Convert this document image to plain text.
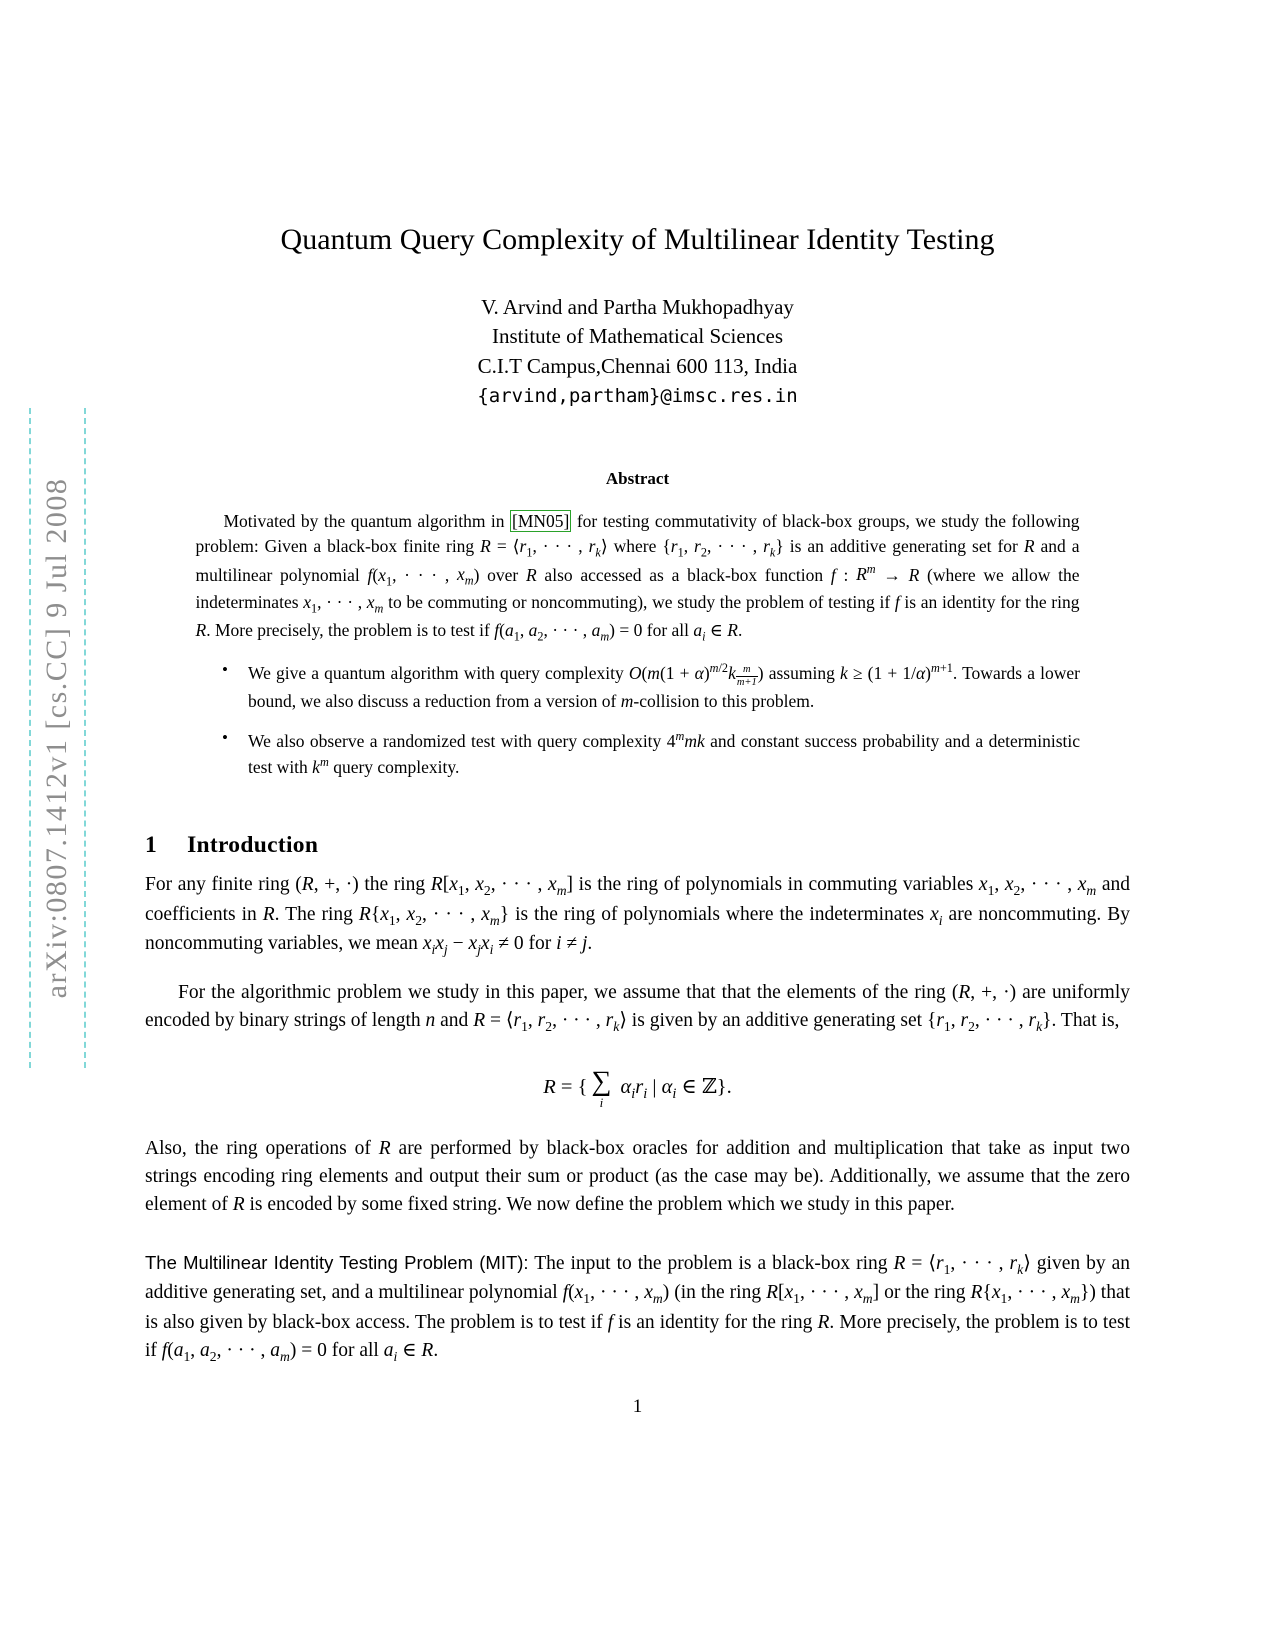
arXiv:0807.1412v1 [cs.CC] 9 Jul 2008
Quantum Query Complexity of Multilinear Identity Testing
V. Arvind and Partha Mukhopadhyay
Institute of Mathematical Sciences
C.I.T Campus,Chennai 600 113, India
{arvind,partham}@imsc.res.in
Abstract
Motivated by the quantum algorithm in [MN05] for testing commutativity of black-box groups, we study the following problem: Given a black-box finite ring $R = ⟨r_1$, · · · , $r_k⟩$ where {$r_1$, $r_2$, · · · , $r_k$} is an additive generating set for R and a multilinear polynomial $f(x_1$, · · · , $x_m$) over R also accessed as a black-box function f : $R^m \to R$ (where we allow the indeterminates $x_1$, · · · , $x_m$ to be commuting or noncommuting), we study the problem of testing if f is an identity for the ring R. More precisely, the problem is to test if $f(a_1$, $a_2$, · · · , $a_m) = 0$ for all $a_i$ ∈ R.
•
We give a quantum algorithm with query complexity $O(m(1 + \alpha)^{m/2}k \frac{m}{m+1}$ ) assuming $k \ge (1 + 1/\alpha)^{m+1}$. Towards a lower bound, we also discuss a reduction from a version of m-collision to this problem.
•
We also observe a randomized test with query complexity 4$^m$mk and constant success probability and a deterministic test with $k^m$ query complexity.
1 Introduction

For any finite ring (R, +, ·) the ring $R[x_1$, $x_2$, · · · , $x_m$] is the ring of polynomials in commuting variables $x_1$, $x_2$, · · · , $x_m$ and coefficients in R. The ring $R\{x_1$, $x_2$, · · · , $x_m$} is the ring of polynomials where the indeterminates $x_i$ are noncommuting. By noncommuting variables, we mean $x_ix_j - x_jx_i \ne 0$ for i ≠ j.

For the algorithmic problem we study in this paper, we assume that that the elements of the ring (R, +, ·) are uniformly encoded by binary strings of length n and $R = ⟨r_1$, $r_2$, · · · , $r_k⟩$ is given by an additive generating set {$r_1$, $r_2$, · · · , $r_k$}. That is,

R = { ∑
i
$\alpha_ir_i$ | $\alpha_i$ ∈ ℤ}.

Also, the ring operations of R are performed by black-box oracles for addition and multiplication that take as input two strings encoding ring elements and output their sum or product (as the case may be). Additionally, we assume that the zero element of R is encoded by some fixed string. We now define the problem which we study in this paper.

The Multilinear Identity Testing Problem (MIT): The input to the problem is a black-box ring $R = ⟨r_1$, · · · , $r_k⟩$ given by an additive generating set, and a multilinear polynomial $f(x_1$, · · · , $x_m$) (in the ring $R[x_1$, · · · , $x_m$] or the ring $R\{x_1$, · · · , $x_m$}) that is also given by black-box access. The problem is to test if f is an identity for the ring R. More precisely, the problem is to test if $f(a_1$, $a_2$, · · · , $a_m) = 0$ for all $a_i$ ∈ R.

1
